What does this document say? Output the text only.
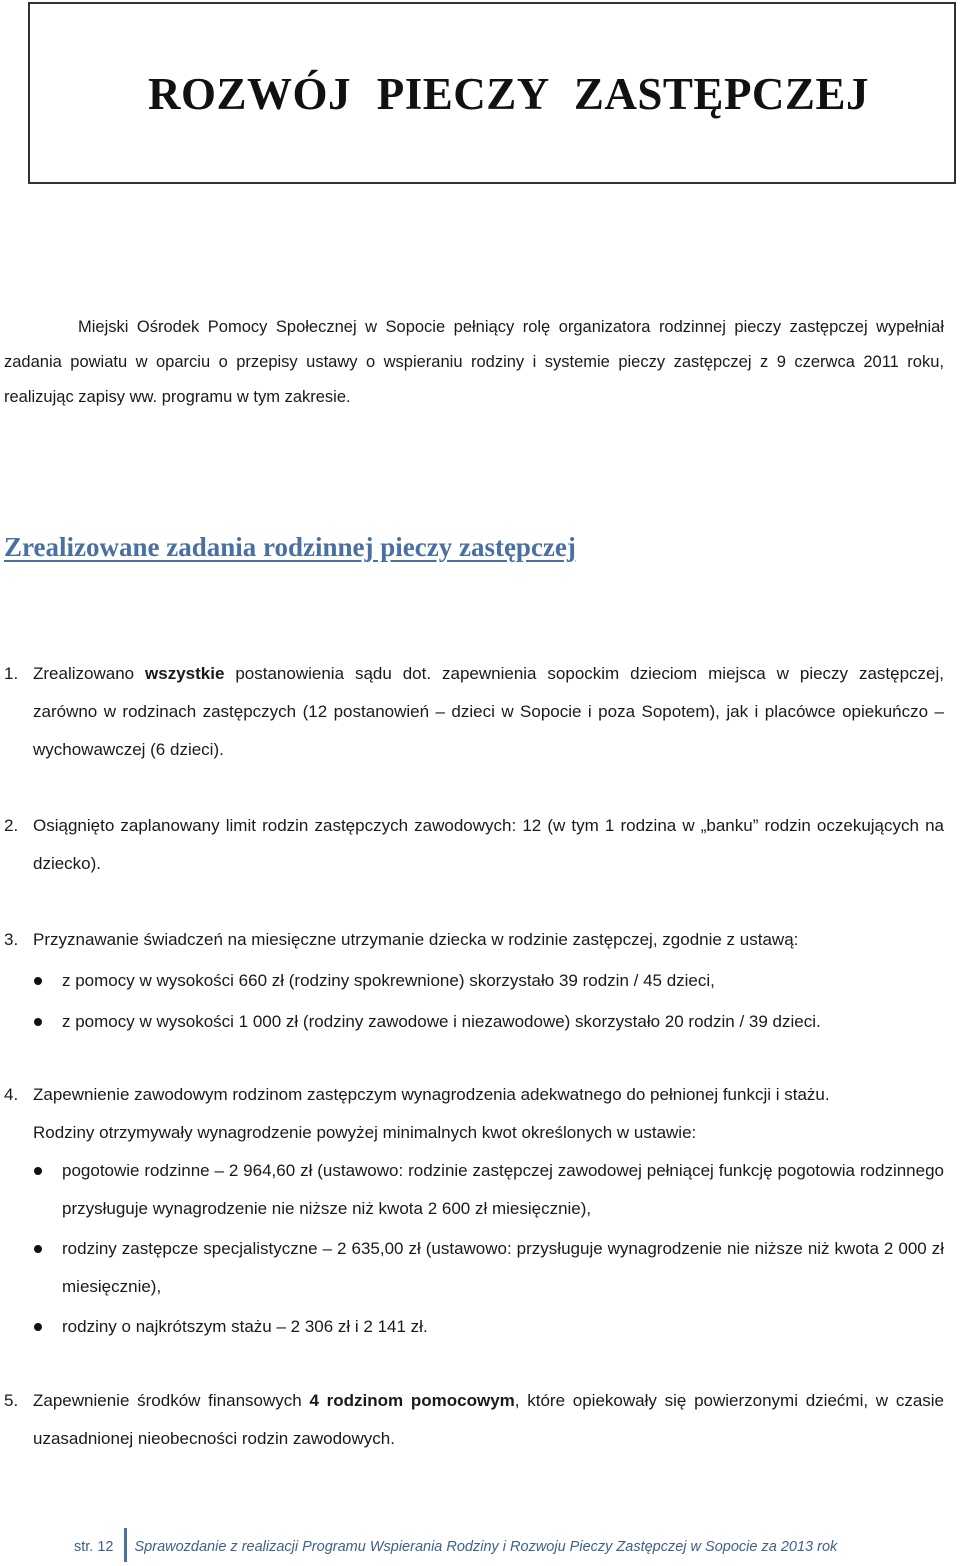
ROZWÓJ PIECZY ZASTĘPCZEJ
Miejski Ośrodek Pomocy Społecznej w Sopocie pełniący rolę organizatora rodzinnej pieczy zastępczej wypełniał zadania powiatu w oparciu o przepisy ustawy o wspieraniu rodziny i systemie pieczy zastępczej z 9 czerwca 2011 roku, realizując zapisy ww. programu w tym zakresie.
Zrealizowane zadania rodzinnej pieczy zastępczej
1. Zrealizowano wszystkie postanowienia sądu dot. zapewnienia sopockim dzieciom miejsca w pieczy zastępczej, zarówno w rodzinach zastępczych (12 postanowień – dzieci w Sopocie i poza Sopotem), jak i placówce opiekuńczo – wychowawczej (6 dzieci).
2. Osiągnięto zaplanowany limit rodzin zastępczych zawodowych: 12 (w tym 1 rodzina w „banku” rodzin oczekujących na dziecko).
3. Przyznawanie świadczeń na miesięczne utrzymanie dziecka w rodzinie zastępczej, zgodnie z ustawą:
z pomocy w wysokości 660 zł (rodziny spokrewnione) skorzystało 39 rodzin / 45 dzieci,
z pomocy w wysokości 1 000 zł (rodziny zawodowe i niezawodowe) skorzystało 20 rodzin / 39 dzieci.
4. Zapewnienie zawodowym rodzinom zastępczym wynagrodzenia adekwatnego do pełnionej funkcji i stażu.
Rodziny otrzymywały wynagrodzenie powyżej minimalnych kwot określonych w ustawie:
pogotowie rodzinne – 2 964,60 zł (ustawowo: rodzinie zastępczej zawodowej pełniącej funkcję pogotowia rodzinnego przysługuje wynagrodzenie nie niższe niż kwota 2 600 zł miesięcznie),
rodziny zastępcze specjalistyczne – 2 635,00 zł (ustawowo: przysługuje wynagrodzenie nie niższe niż kwota 2 000 zł miesięcznie),
rodziny o najkrótszym stażu – 2 306 zł i 2 141 zł.
5. Zapewnienie środków finansowych 4 rodzinom pomocowym, które opiekowały się powierzonymi dziećmi, w czasie uzasadnionej nieobecności rodzin zawodowych.
str. 12 Sprawozdanie z realizacji Programu Wspierania Rodziny i Rozwoju Pieczy Zastępczej w Sopocie za 2013 rok
